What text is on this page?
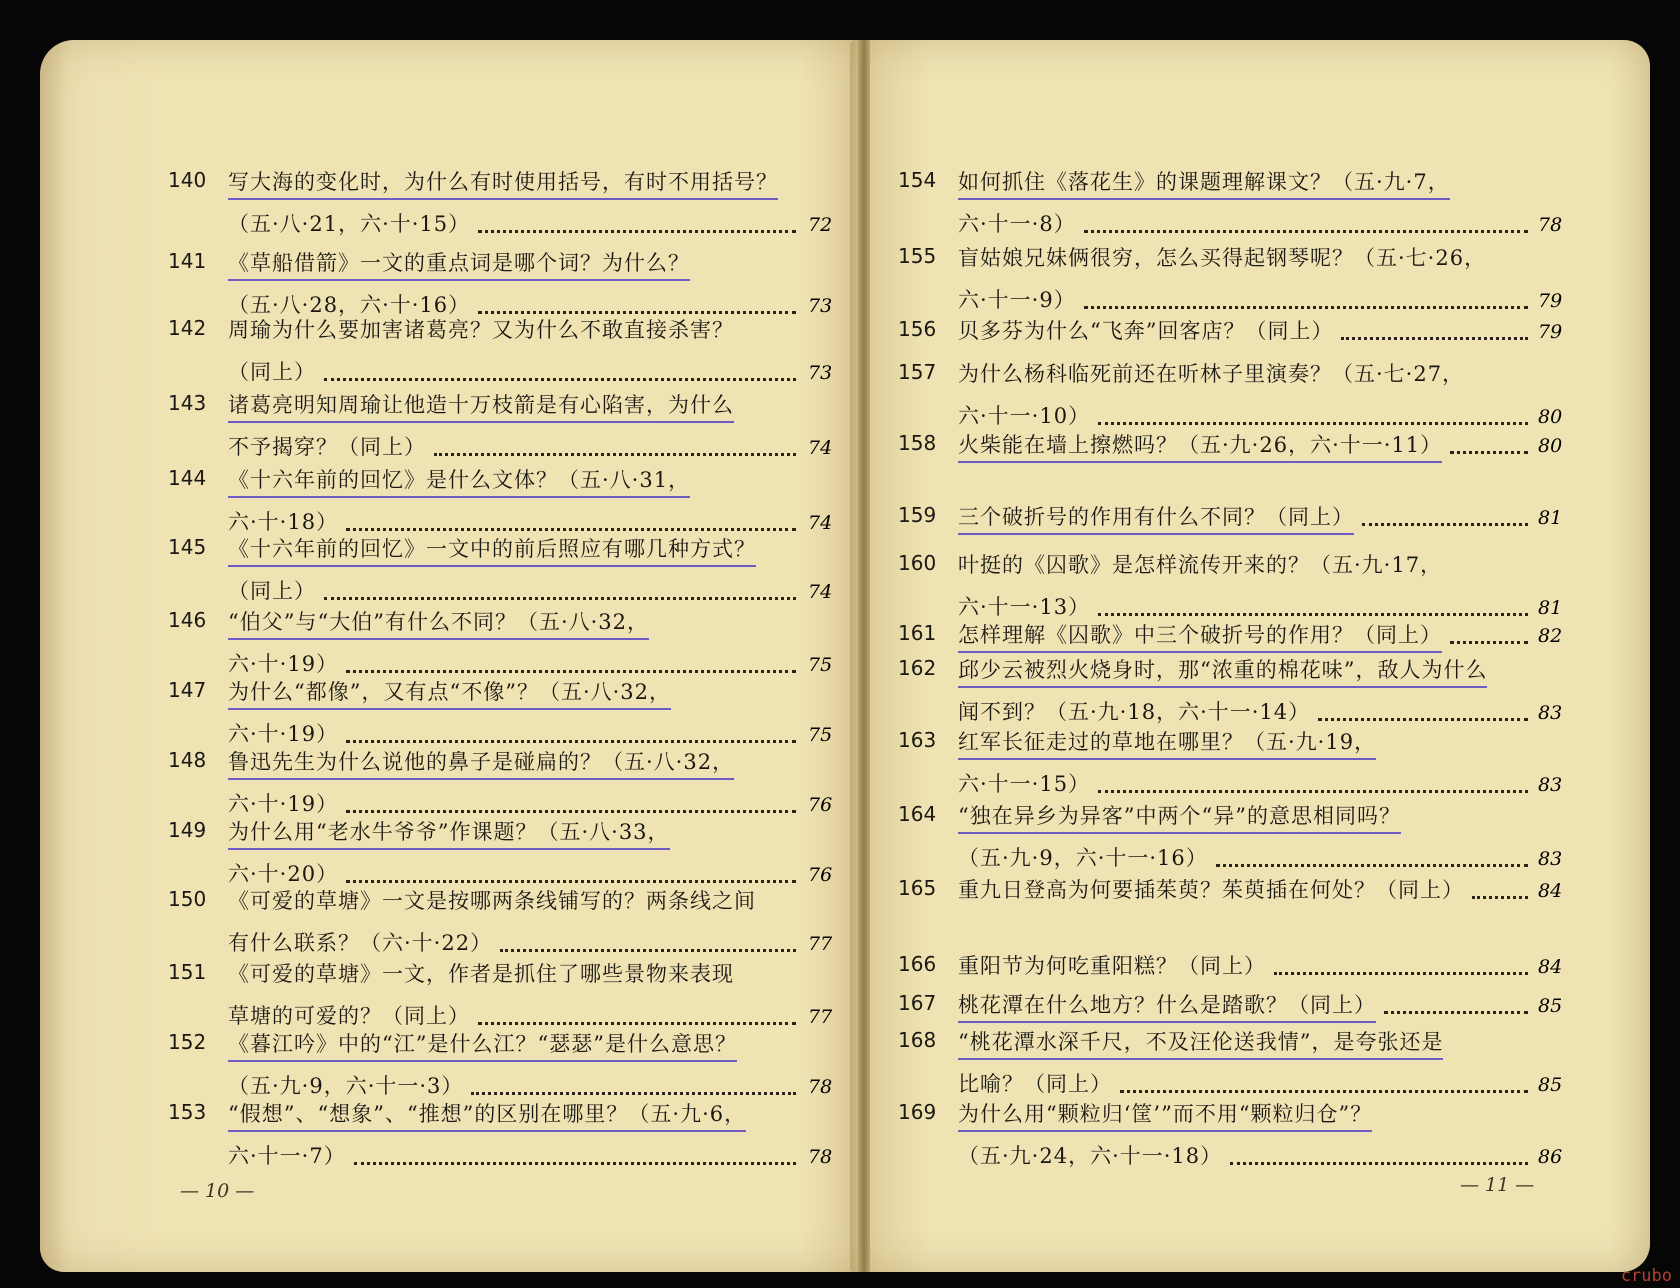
140 写大海的变化时，为什么有时使用括号，有时不用括号？
（五·八·21，六·十·15）	72
141 《草船借箭》一文的重点词是哪个词？为什么？
（五·八·28，六·十·16）	73
142 周瑜为什么要加害诸葛亮？又为什么不敢直接杀害？
（同上）	73
143 诸葛亮明知周瑜让他造十万枝箭是有心陷害，为什么
不予揭穿？（同上）	74
144 《十六年前的回忆》是什么文体？（五·八·31，
六·十·18）	74
145 《十六年前的回忆》一文中的前后照应有哪几种方式？
（同上）	74
146 “伯父”与“大伯”有什么不同？（五·八·32，
六·十·19）	75
147 为什么“都像”，又有点“不像”？（五·八·32，
六·十·19）	75
148 鲁迅先生为什么说他的鼻子是碰扁的？（五·八·32，
六·十·19）	76
149 为什么用“老水牛爷爷”作课题？（五·八·33，
六·十·20）	76
150 《可爱的草塘》一文是按哪两条线铺写的？两条线之间
有什么联系？（六·十·22）	77
151 《可爱的草塘》一文，作者是抓住了哪些景物来表现
草塘的可爱的？（同上）	77
152 《暮江吟》中的“江”是什么江？“瑟瑟”是什么意思？
（五·九·9，六·十一·3）	78
153 “假想”、“想象”、“推想”的区别在哪里？（五·九·6，
六·十一·7）	78
154 如何抓住《落花生》的课题理解课文？（五·九·7，
六·十一·8）	78
155 盲姑娘兄妹俩很穷，怎么买得起钢琴呢？（五·七·26，
六·十一·9）	79
156 贝多芬为什么“飞奔”回客店？（同上）	79
157 为什么杨科临死前还在听林子里演奏？（五·七·27，
六·十一·10）	80
158 火柴能在墙上擦燃吗？（五·九·26，六·十一·11）	80
159 三个破折号的作用有什么不同？（同上）	81
160 叶挺的《囚歌》是怎样流传开来的？（五·九·17，
六·十一·13）	81
161 怎样理解《囚歌》中三个破折号的作用？（同上）	82
162 邱少云被烈火烧身时，那“浓重的棉花味”，敌人为什么
闻不到？（五·九·18，六·十一·14）	83
163 红军长征走过的草地在哪里？（五·九·19，
六·十一·15）	83
164 “独在异乡为异客”中两个“异”的意思相同吗？
（五·九·9，六·十一·16）	83
165 重九日登高为何要插茱萸？茱萸插在何处？（同上）	84
166 重阳节为何吃重阳糕？（同上）	84
167 桃花潭在什么地方？什么是踏歌？（同上）	85
168 “桃花潭水深千尺，不及汪伦送我情”，是夸张还是
比喻？（同上）	85
169 为什么用“颗粒归‘筐’”而不用“颗粒归仓”？
（五·九·24，六·十一·18）	86
— 10 —	— 11 —
crubo
